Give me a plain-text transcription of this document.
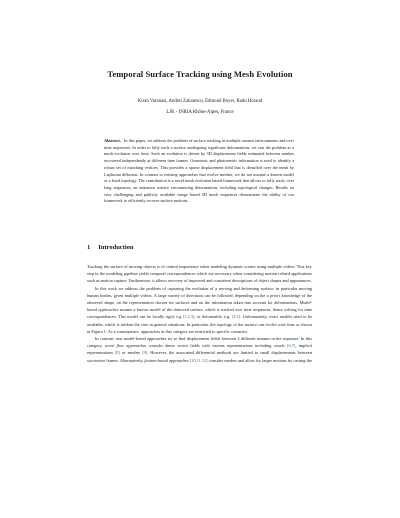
Temporal Surface Tracking using Mesh Evolution
Kiran Varanasi, Andrei Zaharescu, Edmond Boyer, Radu Horaud
LJK - INRIA Rhône-Alpes, France
Abstract. In this paper, we address the problem of surface tracking in multiple camera environments and over time sequences. In order to fully track a surface undergoing significant deformations, we cast the problem as a mesh evolution over time. Such an evolution is driven by 3D displacement fields estimated between meshes recovered independently at different time frames. Geometric and photometric information is used to identify a robust set of matching vertices. This provides a sparse displacement field that is densified over the mesh by Laplacian diffusion. In contrast to existing approaches that evolve meshes, we do not assume a known model or a fixed topology. The contribution is a novel mesh evolution based framework that allows to fully track, over long sequences, an unknown surface encountering deformations, including topological changes. Results on very challenging and publicly available image based 3D mesh sequences demonstrate the ability of our framework to efficiently recover surface motions .
1 Introduction

Tracking the surface of moving objects is of central importance when modeling dynamic scenes using multiple videos. This key step in the modeling pipeline yields temporal correspondences which are necessary when considering motion related applications such as motion capture. Furthermore, it allows recovery of improved and consistent descriptions of object shapes and appearances.

In this work we address the problem of capturing the evolution of a moving and deforming surface, in particular moving human bodies, given multiple videos. A large variety of directions can be followed, depending on the a priori knowledge of the observed shape, on the representation chosen for surfaces and on the information taken into account for deformations. Model-based approaches assume a known model of the observed surface, which is tracked over time sequences, hence solving for time correspondences. This model can be locally rigid, e.g [1,2,3], or deformable, e.g. [4,5]. Unfortunately, exact models need to be available, which is seldom the case in general situations. In particular, the topology of the surface can evolve over time as shown in Figure 1. As a consequence, approaches in this category are restricted to specific scenarios.

In contrast, non model-based approaches try to find displacement fields between 2 different instants in the sequence. In this category, scene flow approaches consider dense vector fields with various representations including voxels [6,7], implicit representations [8] or meshes [9]. However, the associated differential methods are limited to small displacements between successive frames. Alternatively, feature-based approaches [10,11,12] consider meshes and allow for larger motions by casting the
